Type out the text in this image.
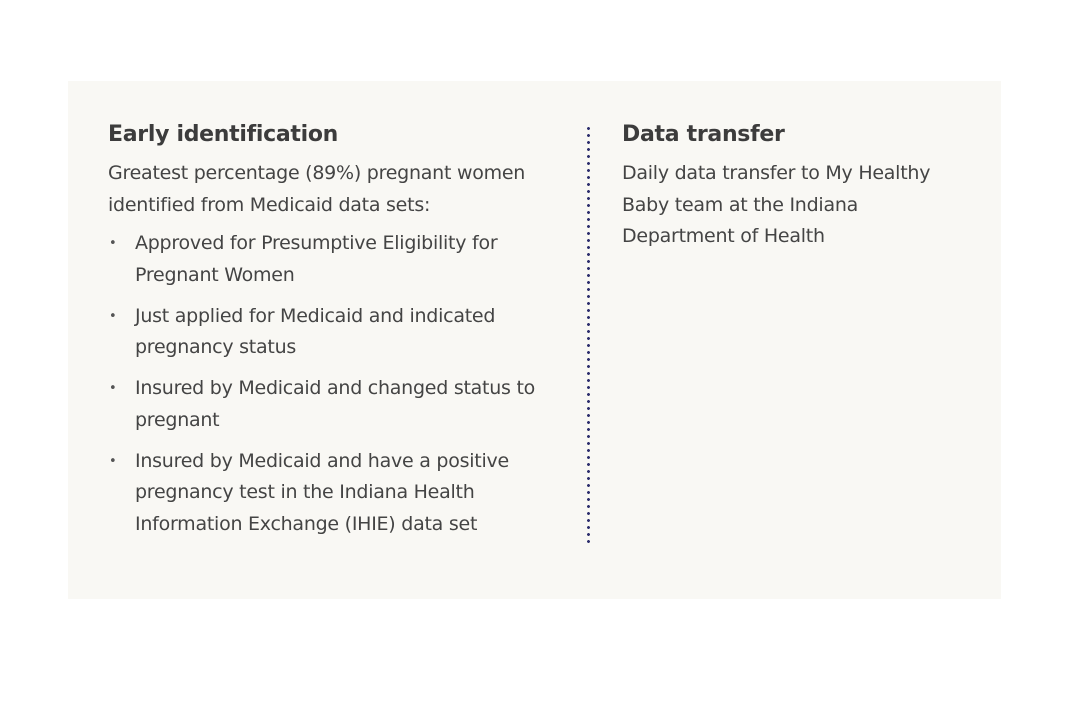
Early identification

Greatest percentage (89%) pregnant women identified from Medicaid data sets:

• Approved for Presumptive Eligibility for Pregnant Women
• Just applied for Medicaid and indicated pregnancy status
• Insured by Medicaid and changed status to pregnant
• Insured by Medicaid and have a positive pregnancy test in the Indiana Health Information Exchange (IHIE) data set
Data transfer

Daily data transfer to My Healthy Baby team at the Indiana Department of Health
